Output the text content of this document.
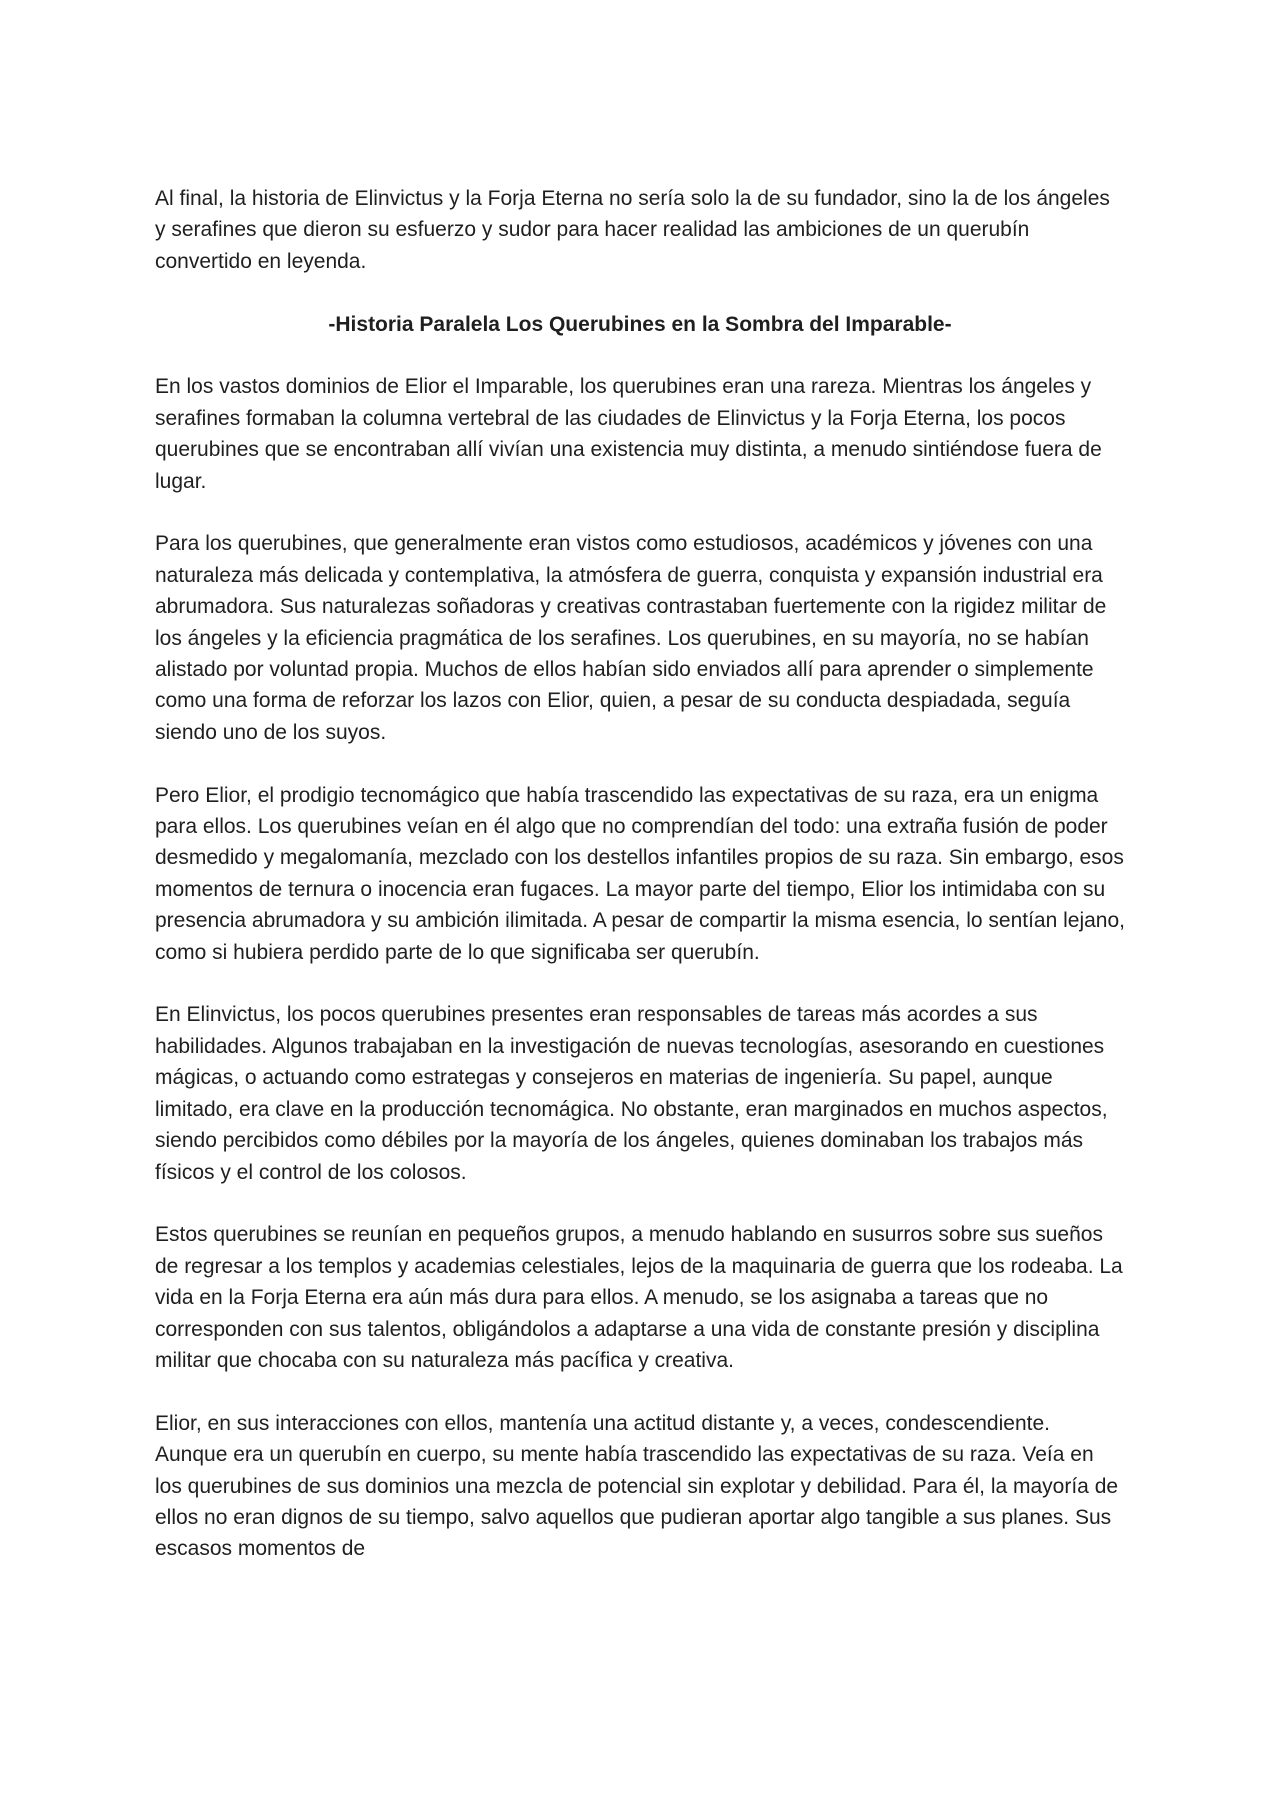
Al final, la historia de Elinvictus y la Forja Eterna no sería solo la de su fundador, sino la de los ángeles y serafines que dieron su esfuerzo y sudor para hacer realidad las ambiciones de un querubín convertido en leyenda.

-Historia Paralela Los Querubines en la Sombra del Imparable-

En los vastos dominios de Elior el Imparable, los querubines eran una rareza. Mientras los ángeles y serafines formaban la columna vertebral de las ciudades de Elinvictus y la Forja Eterna, los pocos querubines que se encontraban allí vivían una existencia muy distinta, a menudo sintiéndose fuera de lugar.

Para los querubines, que generalmente eran vistos como estudiosos, académicos y jóvenes con una naturaleza más delicada y contemplativa, la atmósfera de guerra, conquista y expansión industrial era abrumadora. Sus naturalezas soñadoras y creativas contrastaban fuertemente con la rigidez militar de los ángeles y la eficiencia pragmática de los serafines. Los querubines, en su mayoría, no se habían alistado por voluntad propia. Muchos de ellos habían sido enviados allí para aprender o simplemente como una forma de reforzar los lazos con Elior, quien, a pesar de su conducta despiadada, seguía siendo uno de los suyos.

Pero Elior, el prodigio tecnomágico que había trascendido las expectativas de su raza, era un enigma para ellos. Los querubines veían en él algo que no comprendían del todo: una extraña fusión de poder desmedido y megalomanía, mezclado con los destellos infantiles propios de su raza. Sin embargo, esos momentos de ternura o inocencia eran fugaces. La mayor parte del tiempo, Elior los intimidaba con su presencia abrumadora y su ambición ilimitada. A pesar de compartir la misma esencia, lo sentían lejano, como si hubiera perdido parte de lo que significaba ser querubín.

En Elinvictus, los pocos querubines presentes eran responsables de tareas más acordes a sus habilidades. Algunos trabajaban en la investigación de nuevas tecnologías, asesorando en cuestiones mágicas, o actuando como estrategas y consejeros en materias de ingeniería. Su papel, aunque limitado, era clave en la producción tecnomágica. No obstante, eran marginados en muchos aspectos, siendo percibidos como débiles por la mayoría de los ángeles, quienes dominaban los trabajos más físicos y el control de los colosos.

Estos querubines se reunían en pequeños grupos, a menudo hablando en susurros sobre sus sueños de regresar a los templos y academias celestiales, lejos de la maquinaria de guerra que los rodeaba. La vida en la Forja Eterna era aún más dura para ellos. A menudo, se los asignaba a tareas que no corresponden con sus talentos, obligándolos a adaptarse a una vida de constante presión y disciplina militar que chocaba con su naturaleza más pacífica y creativa.

Elior, en sus interacciones con ellos, mantenía una actitud distante y, a veces, condescendiente. Aunque era un querubín en cuerpo, su mente había trascendido las expectativas de su raza. Veía en los querubines de sus dominios una mezcla de potencial sin explotar y debilidad. Para él, la mayoría de ellos no eran dignos de su tiempo, salvo aquellos que pudieran aportar algo tangible a sus planes. Sus escasos momentos de
